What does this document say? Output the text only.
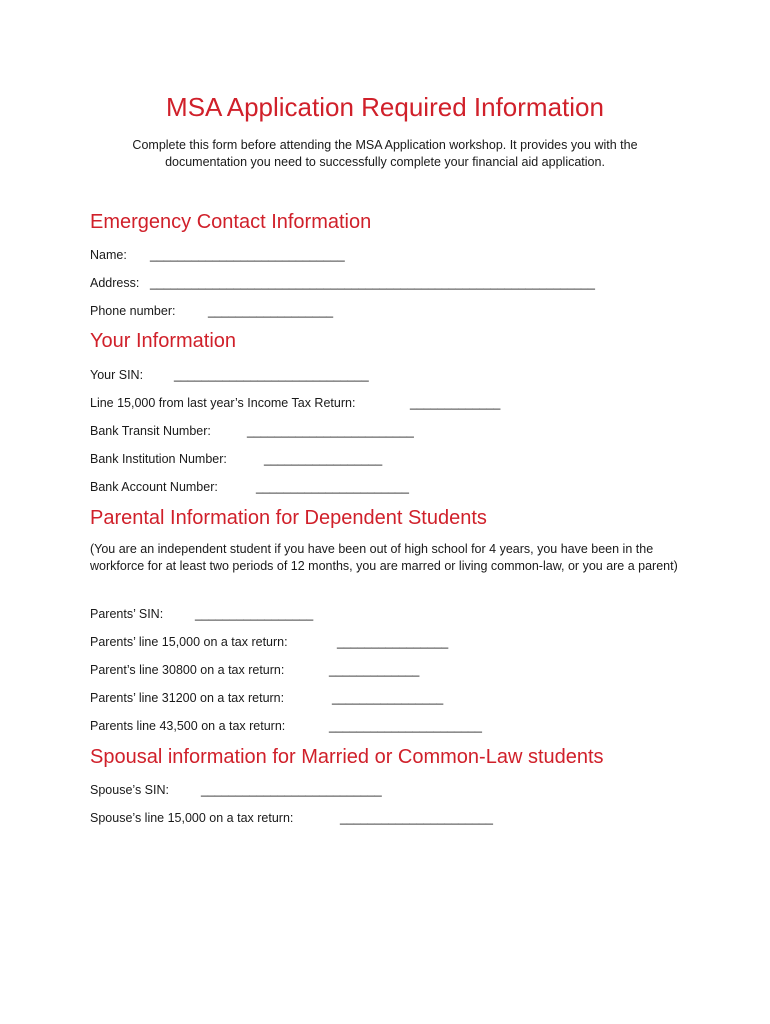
MSA Application Required Information

Complete this form before attending the MSA Application workshop. It provides you with the documentation you need to successfully complete your financial aid application.

Emergency Contact Information
Name: ____________________________
Address: ________________________________________________________________
Phone number:	__________________
Your Information
Your SIN: ____________________________
Line 15,000 from last year’s Income Tax Return:	_____________
Bank Transit Number:	________________________
Bank Institution Number:	_________________
Bank Account Number:	______________________
Parental Information for Dependent Students

(You are an independent student if you have been out of high school for 4 years, you have been in the workforce for at least two periods of 12 months, you are marred or living common-law, or you are a parent)

Parents’ SIN:	_________________
Parents’ line 15,000 on a tax return:	________________
Parent’s line 30800 on a tax return:	_____________
Parents’ line 31200 on a tax return:	________________
Parents line 43,500 on a tax return:	______________________
Spousal information for Married or Common-Law students
Spouse’s SIN:	__________________________
Spouse’s line 15,000 on a tax return:	______________________
